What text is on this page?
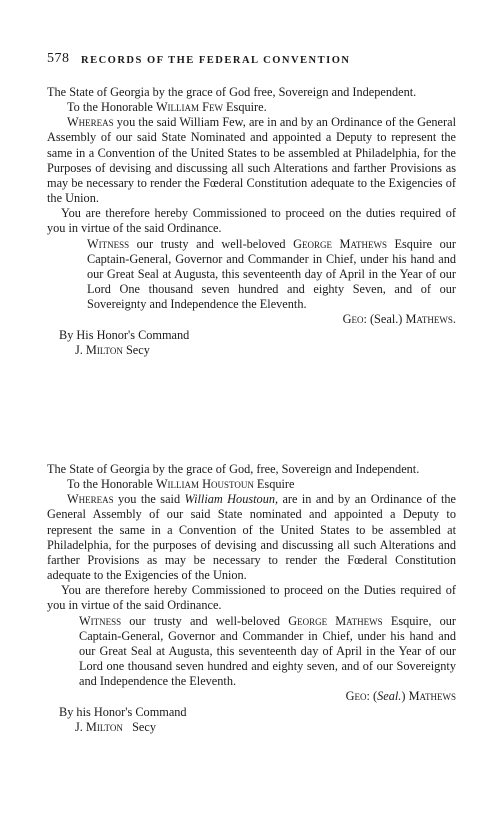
578 RECORDS OF THE FEDERAL CONVENTION

The State of Georgia by the grace of God free, Sovereign and Independent.

To the Honorable William Few Esquire.

Whereas you the said William Few, are in and by an Ordinance of the General Assembly of our said State Nominated and appointed a Deputy to represent the same in a Convention of the United States to be assembled at Philadelphia, for the Purposes of devising and discussing all such Alterations and farther Provisions as may be necessary to render the Fœderal Constitution adequate to the Exigencies of the Union.

You are therefore hereby Commissioned to proceed on the duties required of you in virtue of the said Ordinance.

Witness our trusty and well-beloved George Mathews Esquire our Captain-General, Governor and Commander in Chief, under his hand and our Great Seal at Augusta, this seventeenth day of April in the Year of our Lord One thousand seven hundred and eighty Seven, and of our Sovereignty and Independence the Eleventh.

Geo: (Seal.) Mathews.

By His Honor's Command

J. Milton Secy

The State of Georgia by the grace of God, free, Sovereign and Independent.

To the Honorable William Houstoun Esquire

Whereas you the said William Houstoun, are in and by an Ordinance of the General Assembly of our said State nominated and appointed a Deputy to represent the same in a Convention of the United States to be assembled at Philadelphia, for the purposes of devising and discussing all such Alterations and farther Provisions as may be necessary to render the Fœderal Constitution adequate to the Exigencies of the Union.

You are therefore hereby Commissioned to proceed on the Duties required of you in virtue of the said Ordinance.

Witness our trusty and well-beloved George Mathews Esquire, our Captain-General, Governor and Commander in Chief, under his hand and our Great Seal at Augusta, this seventeenth day of April in the Year of our Lord one thousand seven hundred and eighty seven, and of our Sovereignty and Independence the Eleventh.

Geo: (Seal.) Mathews

By his Honor's Command

J. Milton   Secy
